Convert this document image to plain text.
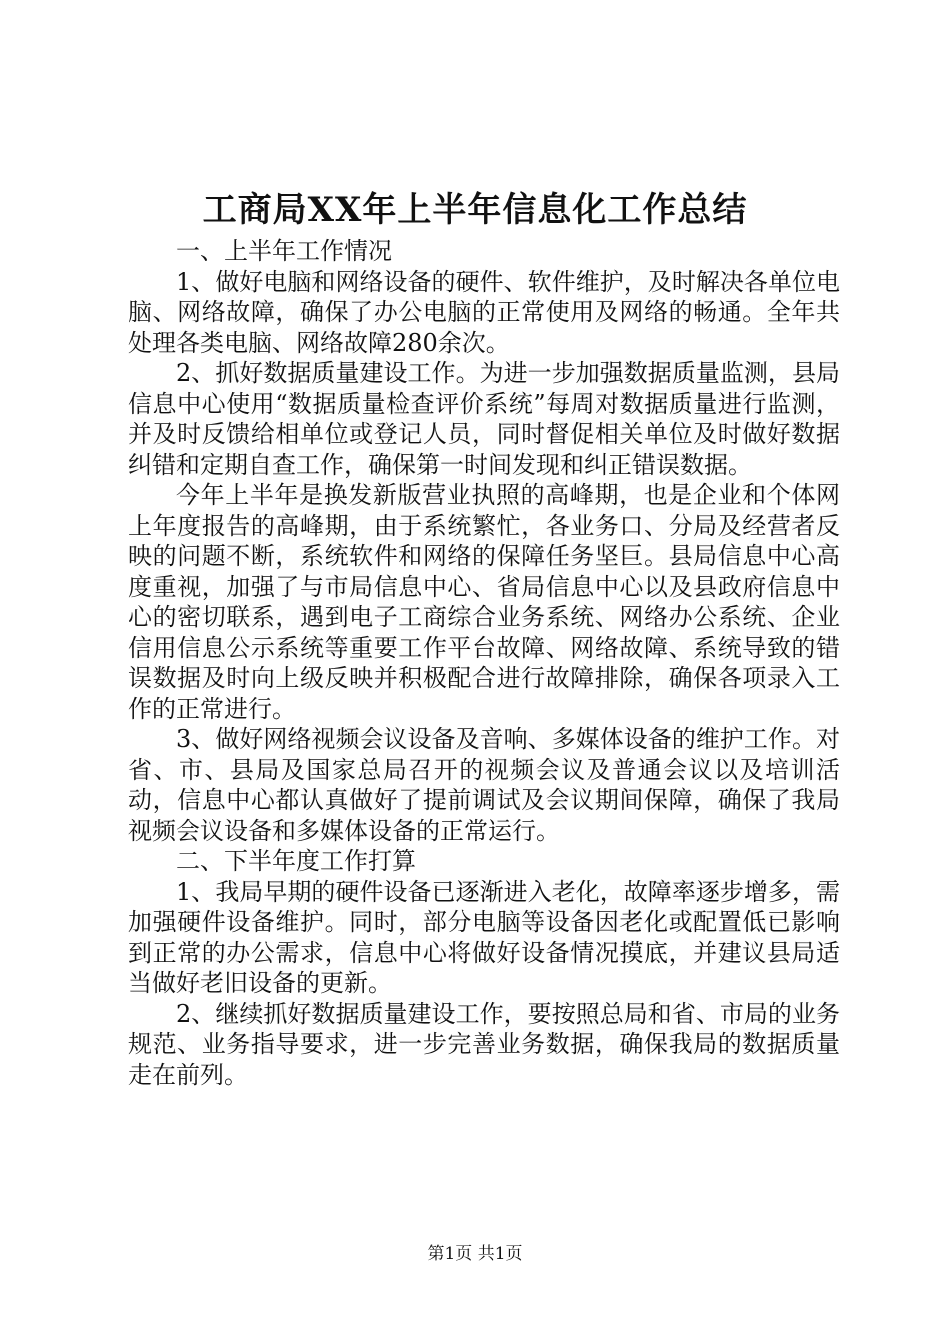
工商局XX年上半年信息化工作总结

一、上半年工作情况

1、做好电脑和网络设备的硬件、软件维护，及时解决各单位电脑、网络故障，确保了办公电脑的正常使用及网络的畅通。全年共处理各类电脑、网络故障280余次。

2、抓好数据质量建设工作。为进一步加强数据质量监测，县局信息中心使用“数据质量检查评价系统”每周对数据质量进行监测，并及时反馈给相单位或登记人员，同时督促相关单位及时做好数据纠错和定期自查工作，确保第一时间发现和纠正错误数据。

今年上半年是换发新版营业执照的高峰期，也是企业和个体网上年度报告的高峰期，由于系统繁忙，各业务口、分局及经营者反映的问题不断，系统软件和网络的保障任务坚巨。县局信息中心高度重视，加强了与市局信息中心、省局信息中心以及县政府信息中心的密切联系，遇到电子工商综合业务系统、网络办公系统、企业信用信息公示系统等重要工作平台故障、网络故障、系统导致的错误数据及时向上级反映并积极配合进行故障排除，确保各项录入工作的正常进行。

3、做好网络视频会议设备及音响、多媒体设备的维护工作。对省、市、县局及国家总局召开的视频会议及普通会议以及培训活动，信息中心都认真做好了提前调试及会议期间保障，确保了我局视频会议设备和多媒体设备的正常运行。

二、下半年度工作打算

1、我局早期的硬件设备已逐渐进入老化，故障率逐步增多，需加强硬件设备维护。同时，部分电脑等设备因老化或配置低已影响到正常的办公需求，信息中心将做好设备情况摸底，并建议县局适当做好老旧设备的更新。

2、继续抓好数据质量建设工作，要按照总局和省、市局的业务规范、业务指导要求，进一步完善业务数据，确保我局的数据质量走在前列。

第1页 共1页
